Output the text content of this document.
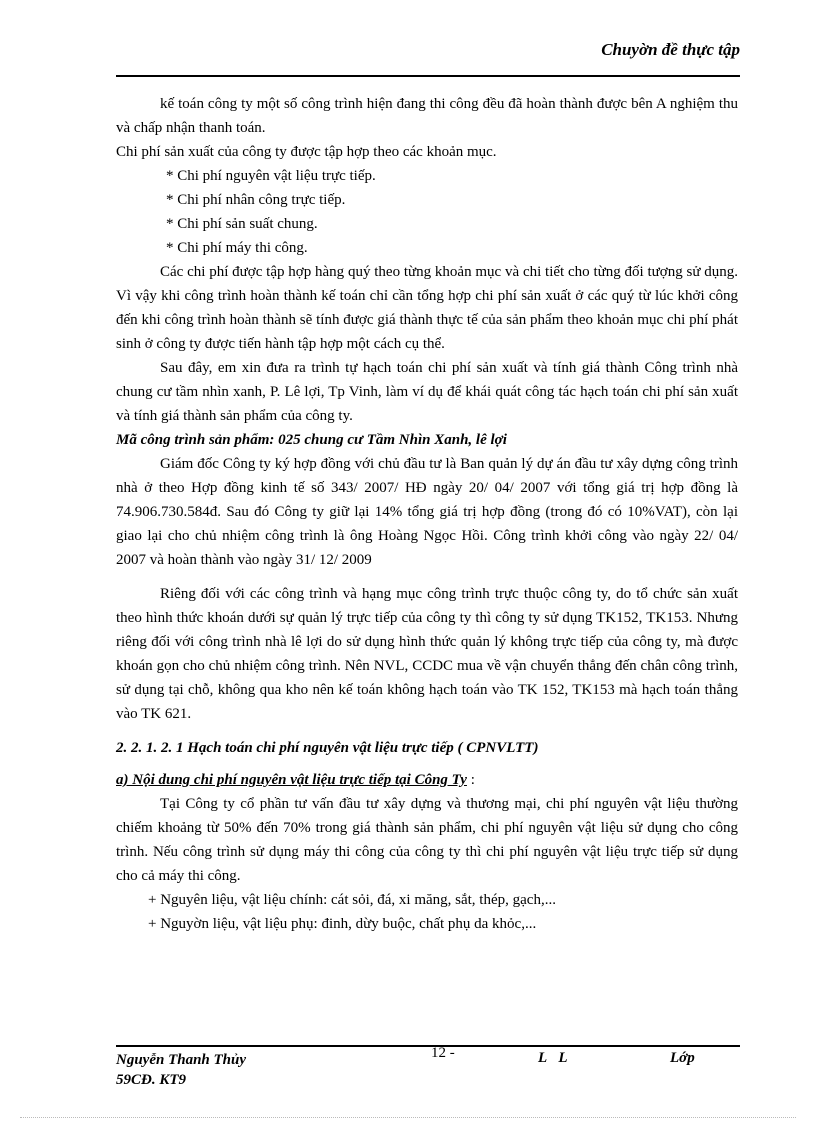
Chuyờn đề thực tập

kế toán công ty một số công trình hiện đang thi công đều đã hoàn thành được bên A nghiệm thu và chấp nhận thanh toán.

Chi phí sản xuất của công ty được tập hợp theo các khoản mục.

* Chi phí nguyên vật liệu trực tiếp.

* Chi phí nhân công trực tiếp.

* Chi phí sản suất chung.

* Chi phí máy thi công.

Các chi phí được tập hợp hàng quý theo từng khoản mục và chi tiết cho từng đối tượng sử dụng. Vì vậy khi công trình hoàn thành kế toán chỉ cần tổng hợp chi phí sản xuất ở các quý từ lúc khởi công đến khi công trình hoàn thành sẽ tính được giá thành thực tế của sản phẩm theo khoản mục chi phí phát sinh ở công ty được tiến hành tập hợp một cách cụ thể.

Sau đây, em xin đưa ra trình tự hạch toán chi phí sản xuất và tính giá thành Công trình nhà chung cư tầm nhìn xanh, P. Lê lợi, Tp Vinh, làm ví dụ để khái quát công tác hạch toán chi phí sản xuất và tính giá thành sản phẩm của công ty.

Mã công trình sản phẩm: 025 chung cư Tầm Nhìn Xanh, lê lợi

Giám đốc Công ty ký hợp đồng với chủ đầu tư là Ban quản lý dự án đầu tư xây dựng công trình nhà ở theo Hợp đồng kinh tế số 343/ 2007/ HĐ ngày 20/ 04/ 2007 với tổng giá trị hợp đồng là 74.906.730.584đ. Sau đó Công ty giữ lại 14% tổng giá trị hợp đồng (trong đó có 10%VAT), còn lại giao lại cho chủ nhiệm công trình là ông Hoàng Ngọc Hồi. Công trình khởi công vào ngày 22/ 04/ 2007 và hoàn thành vào ngày 31/ 12/ 2009

Riêng đối với các công trình và hạng mục công trình trực thuộc công ty, do tổ chức sản xuất theo hình thức khoán dưới sự quản lý trực tiếp của công ty thì công ty sử dụng TK152, TK153. Nhưng riêng đối với công trình nhà lê lợi do sử dụng hình thức quản lý không trực tiếp của công ty, mà được khoán gọn cho chủ nhiệm công trình. Nên NVL, CCDC mua về vận chuyển thẳng đến chân công trình, sử dụng tại chỗ, không qua kho nên kế toán không hạch toán vào TK 152, TK153 mà hạch toán thẳng vào TK 621.

2. 2. 1. 2. 1 Hạch toán chi phí nguyên vật liệu trực tiếp ( CPNVLTT)

a) Nội dung chi phí nguyên vật liệu trực tiếp tại Công Ty :

Tại Công ty cổ phần tư vấn đầu tư xây dựng và thương mại, chi phí nguyên vật liệu thường chiếm khoảng từ 50% đến 70% trong giá thành sản phẩm, chi phí nguyên vật liệu sử dụng cho công trình. Nếu công trình sử dụng máy thi công của công ty thì chi phí nguyên vật liệu trực tiếp sử dụng cho cả máy thi công.

+ Nguyên liệu, vật liệu chính: cát sỏi, đá, xi măng, sắt, thép, gạch,...

+ Nguyờn liệu, vật liệu phụ: đinh, dừy buộc, chất phụ da khỏc,...

Nguyễn Thanh Thủy
59CĐ. KT9
12 -	L L	Lớp
